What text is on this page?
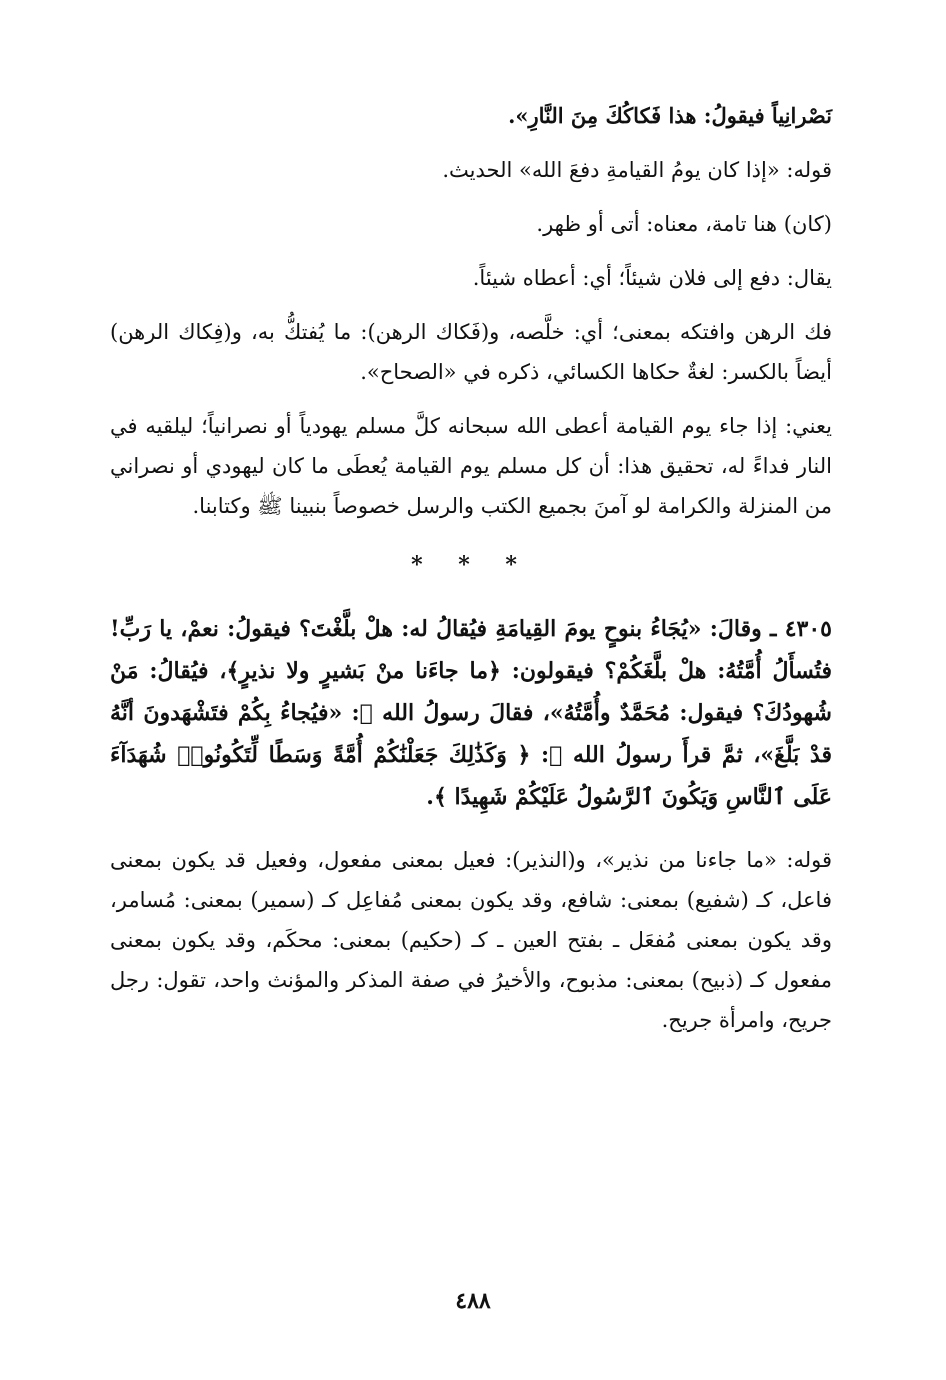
نَصْرانِياً فيقولُ: هذا فَكاكُكَ مِنَ النَّارِ».

قوله: «إذا كان يومُ القيامةِ دفعَ الله» الحديث.

(كان) هنا تامة، معناه: أتى أو ظهر.

يقال: دفع إلى فلان شيئاً؛ أي: أعطاه شيئاً.

فك الرهن وافتكه بمعنى؛ أي: خلَّصه، و(فَكاك الرهن): ما يُفتكُّ به، و(فِكاك الرهن) أيضاً بالكسر: لغةٌ حكاها الكسائي، ذكره في «الصحاح».

يعني: إذا جاء يوم القيامة أعطى الله سبحانه كلَّ مسلم يهودياً أو نصرانياً؛ ليلقيه في النار فداءً له، تحقيق هذا: أن كل مسلم يوم القيامة يُعطَى ما كان ليهودي أو نصراني من المنزلة والكرامة لو آمنَ بجميع الكتب والرسل خصوصاً بنبينا ﷺ وكتابنا.

* * *

٤٣٠٥ ـ وقالَ: «يُجَاءُ بنوحٍ يومَ القِيامَةِ فيُقالُ له: هلْ بلَّغْتَ؟ فيقولُ: نعمْ، يا رَبِّ! فتُسأَلُ أُمَّتُهُ: هلْ بلَّغَكُمْ؟ فيقولون: ﴿ما جاءَنا منْ بَشيرٍ ولا نذيرٍ﴾، فيُقالُ: مَنْ شُهودُكَ؟ فيقول: مُحَمَّدٌ وأُمَّتُهُ»، فقالَ رسولُ الله ﷺ: «فيُجاءُ بِكُمْ فتَشْهَدونَ أنَّهُ قدْ بَلَّغَ»، ثمَّ قرأَ رسولُ الله ﷺ: ﴿ وَكَذَٰلِكَ جَعَلْنَٰكُمْ أُمَّةً وَسَطًا لِّتَكُونُوا۟ شُهَدَآءَ عَلَى ٱلنَّاسِ وَيَكُونَ ٱلرَّسُولُ عَلَيْكُمْ شَهِيدًا ﴾.

قوله: «ما جاءنا من نذير»، و(النذير): فعيل بمعنى مفعول، وفعيل قد يكون بمعنى فاعل، كـ (شفيع) بمعنى: شافع، وقد يكون بمعنى مُفاعِل كـ (سمير) بمعنى: مُسامر، وقد يكون بمعنى مُفعَل ـ بفتح العين ـ كـ (حكيم) بمعنى: محكَم، وقد يكون بمعنى مفعول كـ (ذبيح) بمعنى: مذبوح، والأخيرُ في صفة المذكر والمؤنث واحد، تقول: رجل جريح، وامرأة جريح.

٤٨٨
